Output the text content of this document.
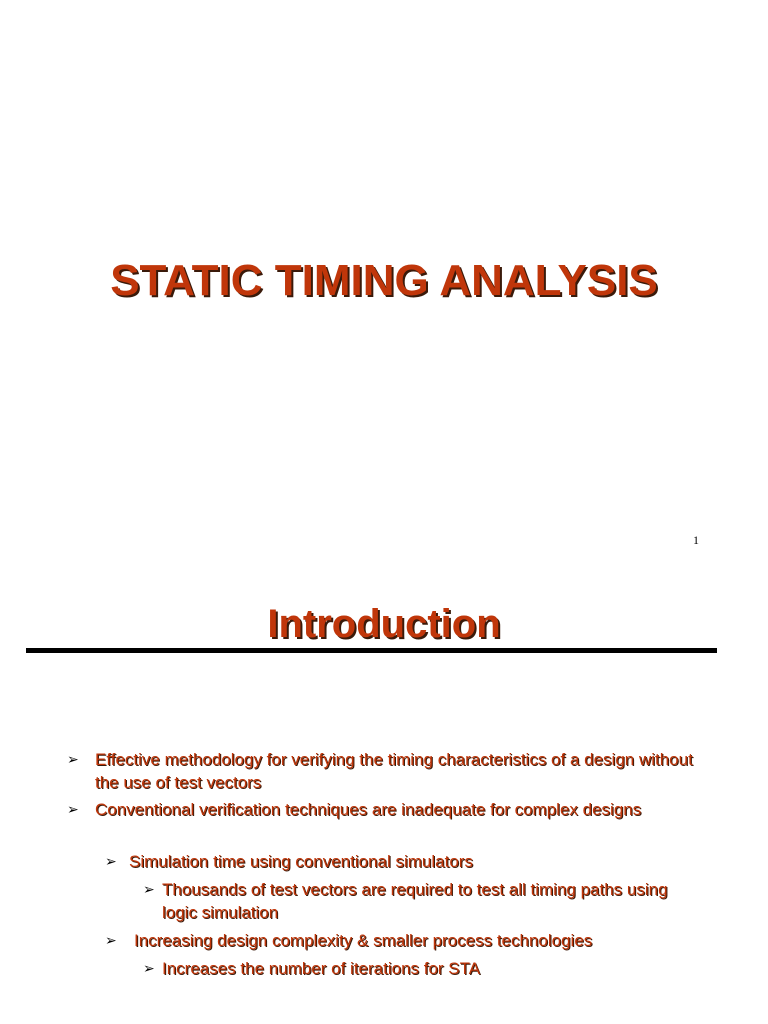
STATIC TIMING ANALYSIS
1
Introduction
➢ Effective methodology for verifying the timing characteristics of a design without the use of test vectors
➢ Conventional verification techniques are inadequate for complex designs
➢ Simulation time using conventional simulators
➢ Thousands of test vectors are required to test all timing paths using logic simulation
➢ Increasing design complexity & smaller process technologies
➢ Increases the number of iterations for STA
